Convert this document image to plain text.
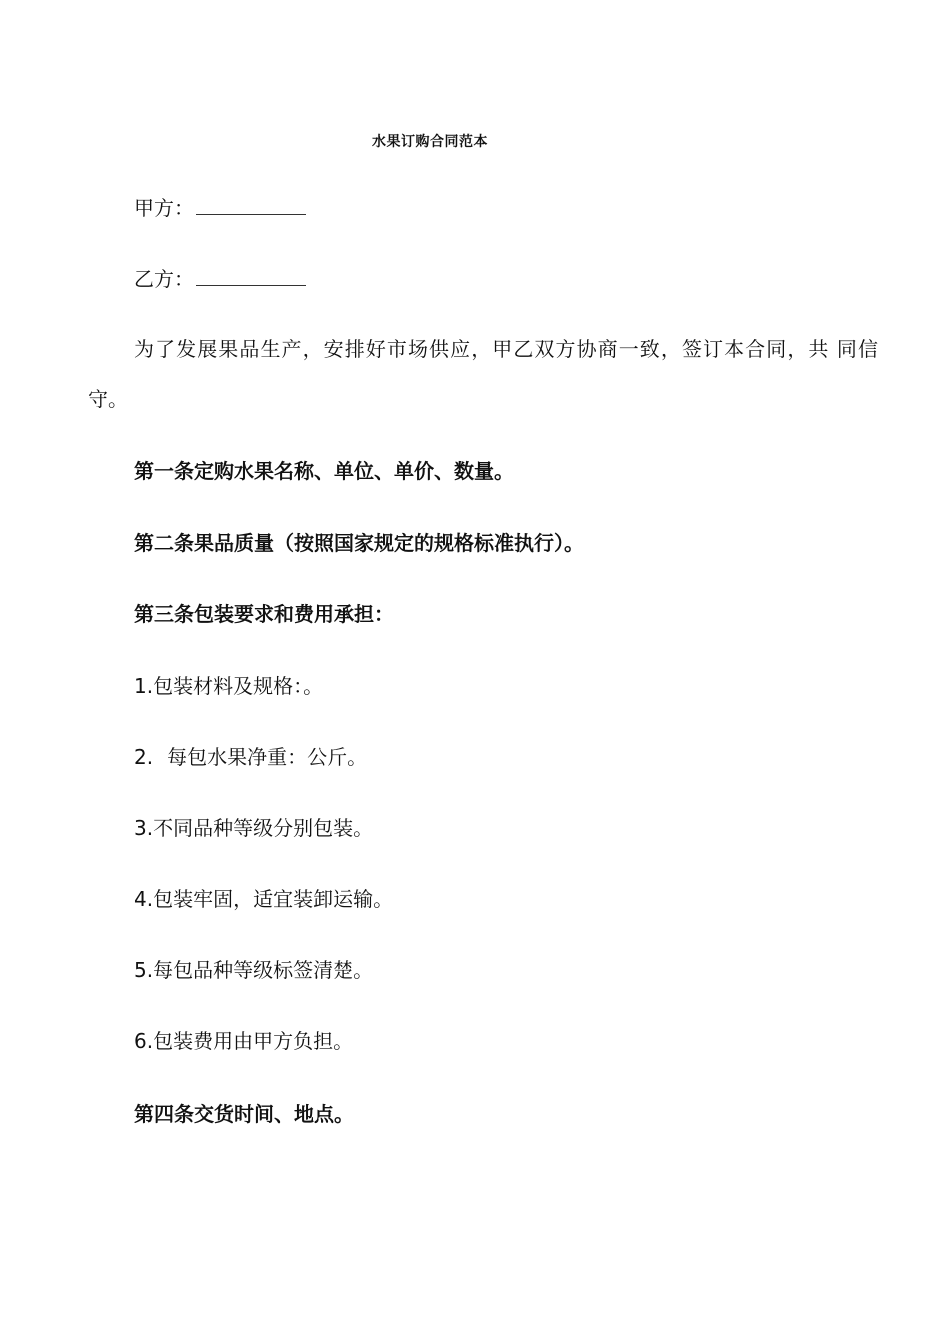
水果订购合同范本
甲方：
乙方：
为了发展果品生产，安排好市场供应，甲乙双方协商一致，签订本合同，共 同信守。
第一条定购水果名称、单位、单价、数量。
第二条果品质量（按照国家规定的规格标准执行）。
第三条包装要求和费用承担：
1.包装材料及规格：。
2. 每包水果净重：公斤。
3.不同品种等级分别包装。
4.包装牢固，适宜装卸运输。
5.每包品种等级标签清楚。
6.包装费用由甲方负担。
第四条交货时间、地点。
